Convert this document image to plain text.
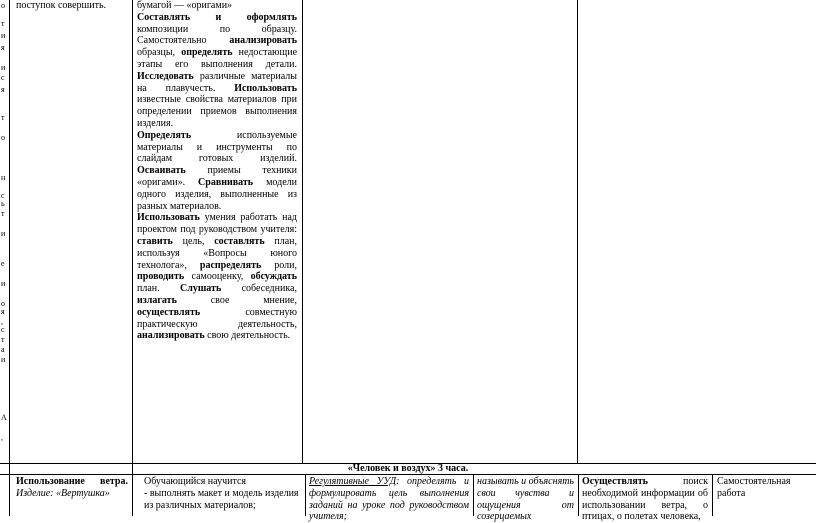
о
т
и
я
и
с
я
т
о
н
с
ь
т
и
е
и
о
я
,
с
т
а
и
А
,
поступок совершить.	бумагой — «оригами»
Составлять и оформлять композиции по образцу. Самостоятельно анализировать образцы, определять недостающие этапы его выполнения детали. Исследовать различные материалы на плавучесть. Использовать известные свойства материалов при определении приемов выполнения изделия.

Определять используемые материалы и инструменты по слайдам готовых изделий. Осваивать приемы техники «оригами». Сравнивать модели одного изделия, выполненные из разных материалов.

Использовать умения работать над проектом под руководством учителя: ставить цель, составлять план, используя «Вопросы юного технолога», распределять роли, проводить самооценку, обсуждать план. Слушать собеседника, излагать свое мнение, осуществлять совместную практическую деятельность, анализировать свою деятельность.

«Человек и воздух» 3 часа.
Использование ветра.
Изделие: «Вертушка»
Обучающийся научится
- выполнять макет и модель изделия из различных материалов;

Регулятивные УУД: определять и формулировать цель выполнения заданий на уроке под руководством учителя;

называть и объяснять свои чувства и ощущения от созерцаемых

Осуществлять поиск необходимой информации об использовании ветра, о птицах, о полетах человека,

Самостоятельная работа
